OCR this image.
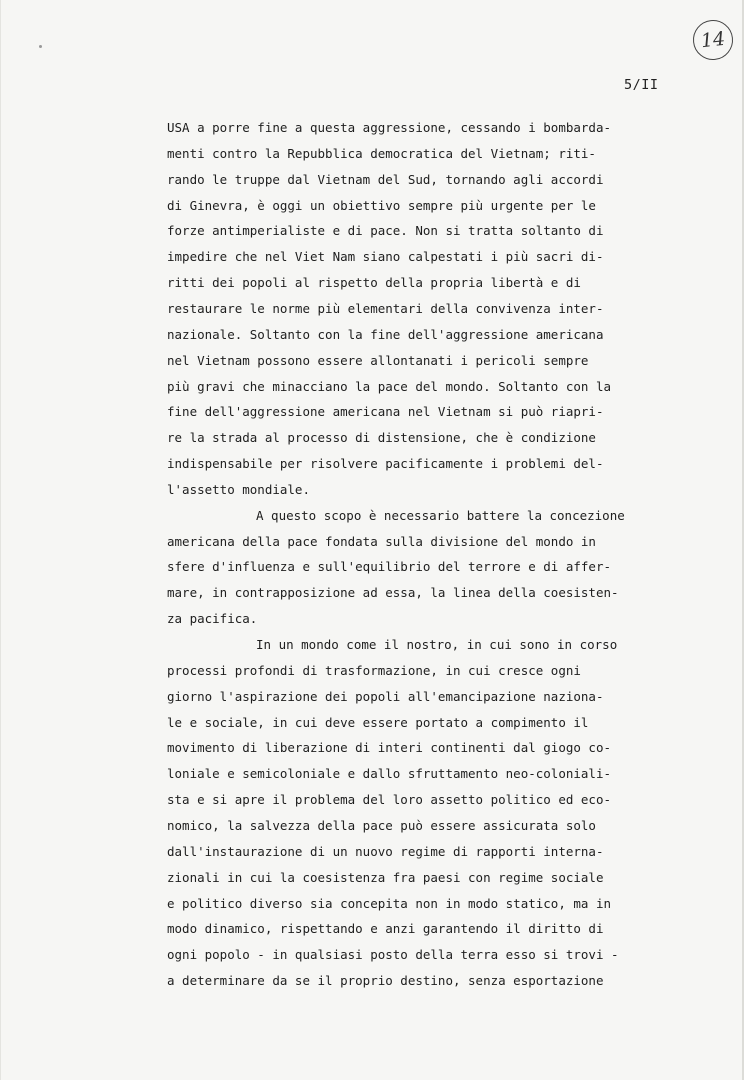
14
5/II
USA a porre fine a questa aggressione, cessando i bombarda-
menti contro la Repubblica democratica del Vietnam; riti-
rando le truppe dal Vietnam del Sud, tornando agli accordi
di Ginevra, è oggi un obiettivo sempre più urgente per le
forze antimperialiste e di pace. Non si tratta soltanto di
impedire che nel Viet Nam siano calpestati i più sacri di-
ritti dei popoli al rispetto della propria libertà e di
restaurare le norme più elementari della convivenza inter-
nazionale. Soltanto con la fine dell'aggressione americana
nel Vietnam possono essere allontanati i pericoli sempre
più gravi che minacciano la pace del mondo. Soltanto con la
fine dell'aggressione americana nel Vietnam si può riapri-
re la strada al processo di distensione, che è condizione
indispensabile per risolvere pacificamente i problemi del-
l'assetto mondiale.
A questo scopo è necessario battere la concezione
americana della pace fondata sulla divisione del mondo in
sfere d'influenza e sull'equilibrio del terrore e di affer-
mare, in contrapposizione ad essa, la linea della coesisten-
za pacifica.
In un mondo come il nostro, in cui sono in corso
processi profondi di trasformazione, in cui cresce ogni
giorno l'aspirazione dei popoli all'emancipazione naziona-
le e sociale, in cui deve essere portato a compimento il
movimento di liberazione di interi continenti dal giogo co-
loniale e semicoloniale e dallo sfruttamento neo-coloniali-
sta e si apre il problema del loro assetto politico ed eco-
nomico, la salvezza della pace può essere assicurata solo
dall'instaurazione di un nuovo regime di rapporti interna-
zionali in cui la coesistenza fra paesi con regime sociale
e politico diverso sia concepita non in modo statico, ma in
modo dinamico, rispettando e anzi garantendo il diritto di
ogni popolo - in qualsiasi posto della terra esso si trovi -
a determinare da se il proprio destino, senza esportazione
